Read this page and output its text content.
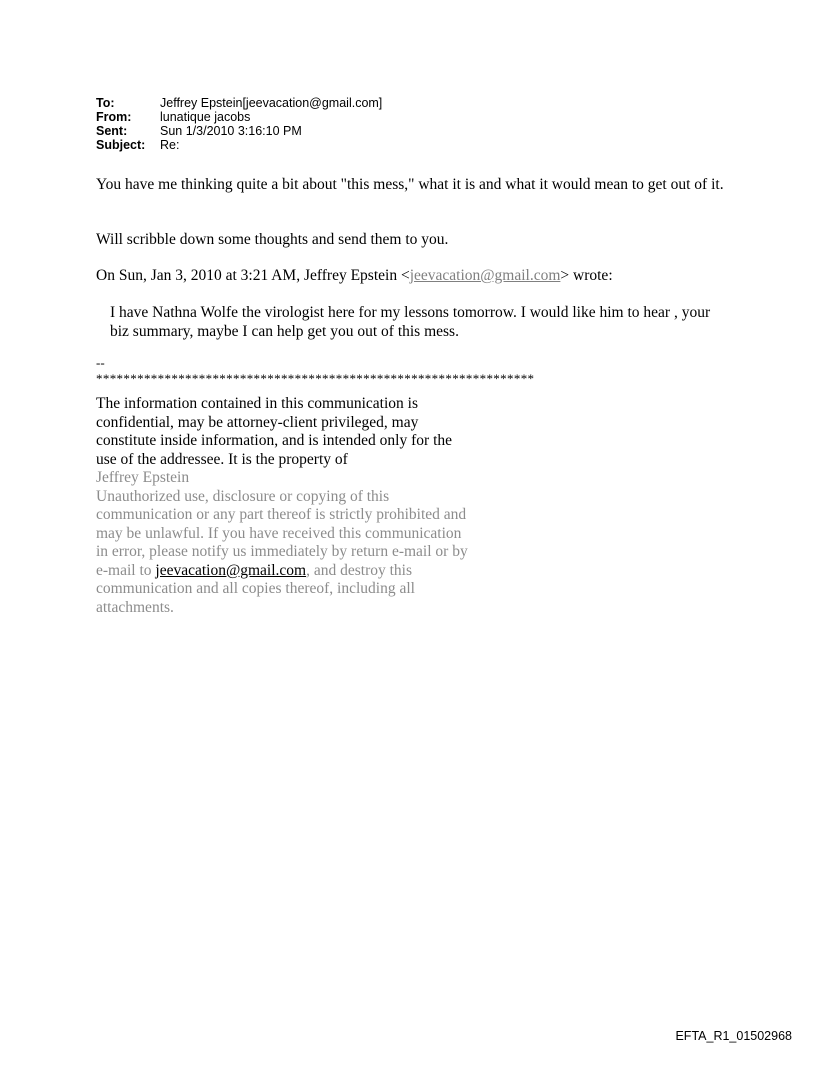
To:	Jeffrey Epstein[jeevacation@gmail.com]
From:	lunatique jacobs
Sent:	Sun 1/3/2010 3:16:10 PM
Subject:	Re:
You have me thinking quite a bit about "this mess," what it is and what it would mean to get out of it.
Will scribble down some thoughts and send them to you.
On Sun, Jan 3, 2010 at 3:21 AM, Jeffrey Epstein <jeevacation@gmail.com> wrote:
I have Nathna Wolfe the virologist here for my lessons tomorrow. I would like him to hear , your biz summary, maybe I can help get you out of this mess.
--
****************************************************************
The information contained in this communication is confidential, may be attorney-client privileged, may constitute inside information, and is intended only for the use of the addressee. It is the property of
Jeffrey Epstein
Unauthorized use, disclosure or copying of this communication or any part thereof is strictly prohibited and may be unlawful. If you have received this communication in error, please notify us immediately by return e-mail or by e-mail to jeevacation@gmail.com, and destroy this communication and all copies thereof, including all attachments.
EFTA_R1_01502968
